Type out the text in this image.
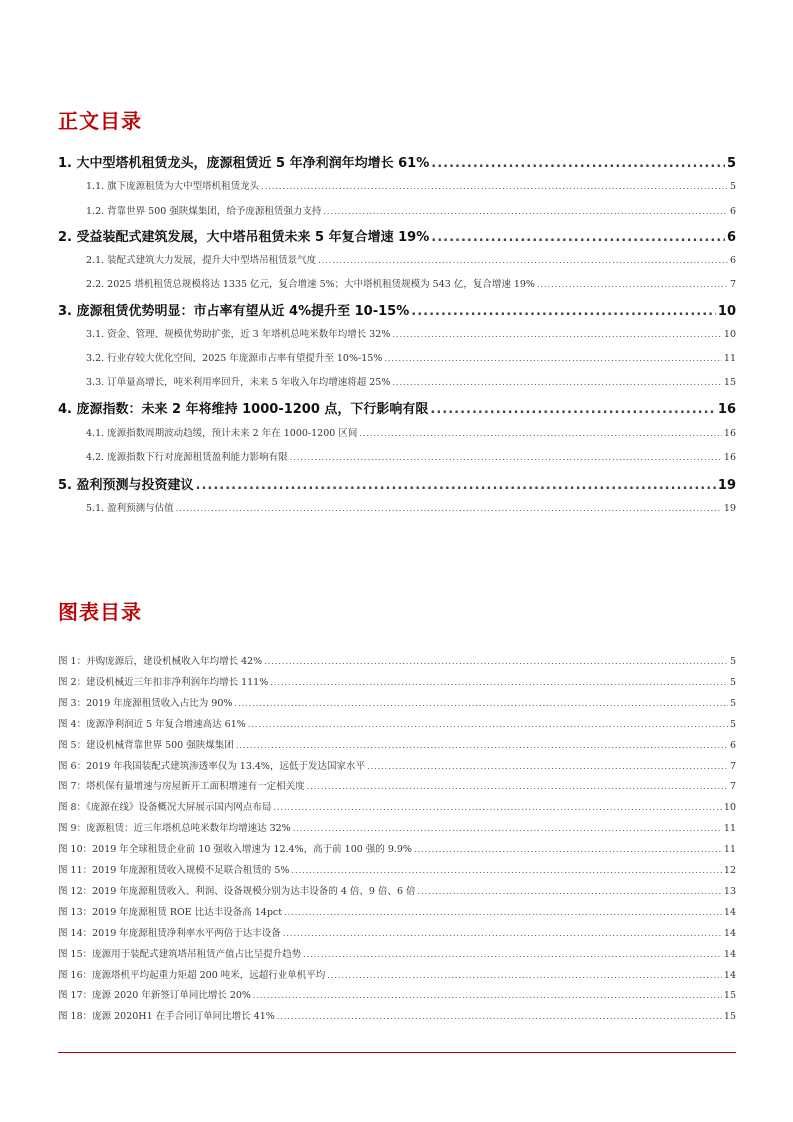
正文目录
1. 大中型塔机租赁龙头，庞源租赁近 5 年净利润年均增长 61% .....	5
1.1. 旗下庞源租赁为大中型塔机租赁龙头 .....	5
1.2. 背靠世界 500 强陕煤集团，给予庞源租赁强力支持 .....	6
2. 受益装配式建筑发展，大中塔吊租赁未来 5 年复合增速 19% .....	6
2.1. 装配式建筑大力发展，提升大中型塔吊租赁景气度 .....	6
2.2. 2025 塔机租赁总规模将达 1335 亿元，复合增速 5%；大中塔机租赁规模为 543 亿，复合增速 19% .....	7
3. 庞源租赁优势明显：市占率有望从近 4%提升至 10-15% .....	10
3.1. 资金、管理、规模优势助扩张，近 3 年塔机总吨米数年均增长 32% .....	10
3.2. 行业存较大优化空间，2025 年庞源市占率有望提升至 10%-15% .....	11
3.3. 订单量高增长，吨米利用率回升，未来 5 年收入年均增速将超 25% .....	15
4. 庞源指数：未来 2 年将维持 1000-1200 点，下行影响有限 .....	16
4.1. 庞源指数周期波动趋缓，预计未来 2 年在 1000-1200 区间 .....	16
4.2. 庞源指数下行对庞源租赁盈利能力影响有限 .....	16
5. 盈利预测与投资建议 .....	19
5.1. 盈利预测与估值 .....	19
图表目录
图 1：并购庞源后，建设机械收入年均增长 42% .....	5
图 2：建设机械近三年扣非净利润年均增长 111% .....	5
图 3：2019 年庞源租赁收入占比为 90% .....	5
图 4：庞源净利润近 5 年复合增速高达 61% .....	5
图 5：建设机械背靠世界 500 强陕煤集团 .....	6
图 6：2019 年我国装配式建筑渗透率仅为 13.4%，远低于发达国家水平 .....	7
图 7：塔机保有量增速与房屋新开工面积增速有一定相关度 .....	7
图 8：《庞源在线》设备概况大屏展示国内网点布局 .....	10
图 9：庞源租赁：近三年塔机总吨米数年均增速达 32% .....	11
图 10：2019 年全球租赁企业前 10 强收入增速为 12.4%，高于前 100 强的 9.9% .....	11
图 11：2019 年庞源租赁收入规模不足联合租赁的 5% .....	12
图 12：2019 年庞源租赁收入、利润、设备规模分别为达丰设备的 4 倍、9 倍、6 倍 .....	13
图 13：2019 年庞源租赁 ROE 比达丰设备高 14pct .....	14
图 14：2019 年庞源租赁净利率水平两倍于达丰设备 .....	14
图 15：庞源用于装配式建筑塔吊租赁产值占比呈提升趋势 .....	14
图 16：庞源塔机平均起重力矩超 200 吨米，远超行业单机平均 .....	14
图 17：庞源 2020 年新签订单同比增长 20% .....	15
图 18：庞源 2020H1 在手合同订单同比增长 41% .....	15
